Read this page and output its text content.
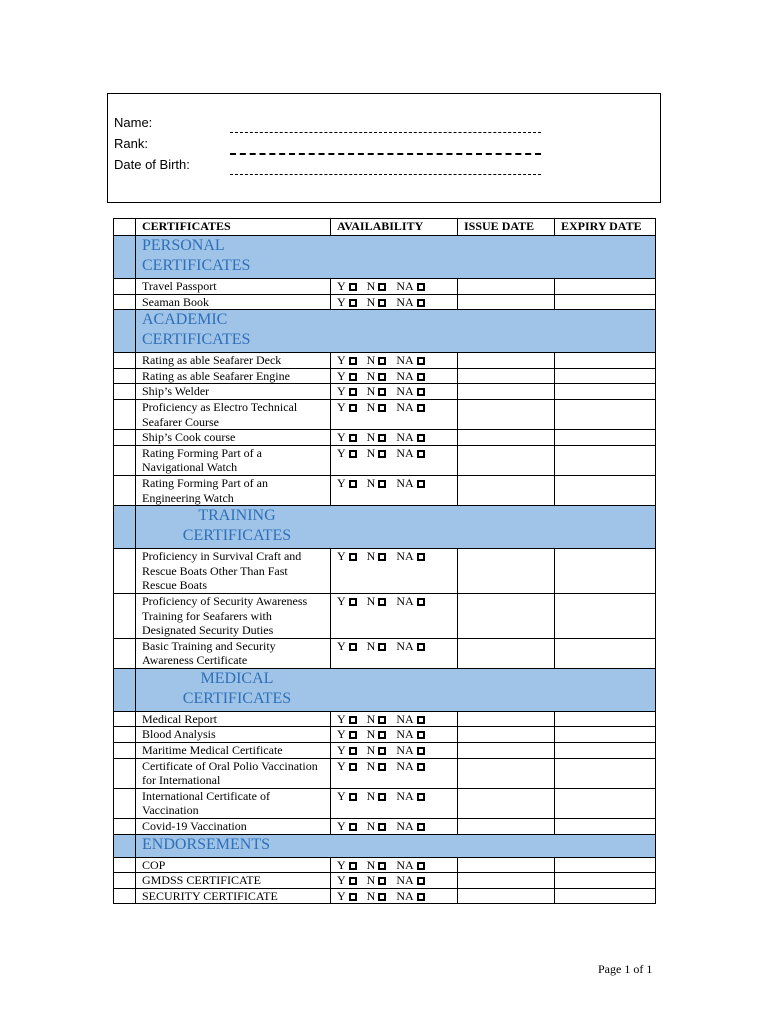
Name:
Rank:
Date of Birth:
	CERTIFICATES	AVAILABILITY	ISSUE DATE	EXPIRY DATE

	PERSONAL CERTIFICATES			

	Travel Passport	Y N NA		
	Seaman Book	Y N NA		

	ACADEMIC CERTIFICATES			

	Rating as able Seafarer Deck	Y N NA		
	Rating as able Seafarer Engine	Y N NA		
	Ship’s Welder	Y N NA		
	Proficiency as Electro Technical Seafarer Course	Y N NA		
	Ship’s Cook course	Y N NA		
	Rating Forming Part of a Navigational Watch	Y N NA		
	Rating Forming Part of an Engineering Watch	Y N NA		

	TRAINING CERTIFICATES			

	Proficiency in Survival Craft and Rescue Boats Other Than Fast Rescue Boats	Y N NA		
	Proficiency of Security Awareness Training for Seafarers with Designated Security Duties	Y N NA		
	Basic Training and Security Awareness Certificate	Y N NA		

	MEDICAL CERTIFICATES			

	Medical Report	Y N NA		
	Blood Analysis	Y N NA		
	Maritime Medical Certificate	Y N NA		
	Certificate of Oral Polio Vaccination for International	Y N NA		
	International Certificate of Vaccination	Y N NA		
	Covid-19 Vaccination	Y N NA		

	ENDORSEMENTS			

	COP	Y N NA		
	GMDSS CERTIFICATE	Y N NA		
	SECURITY CERTIFICATE	Y N NA		
Page 1 of 1
